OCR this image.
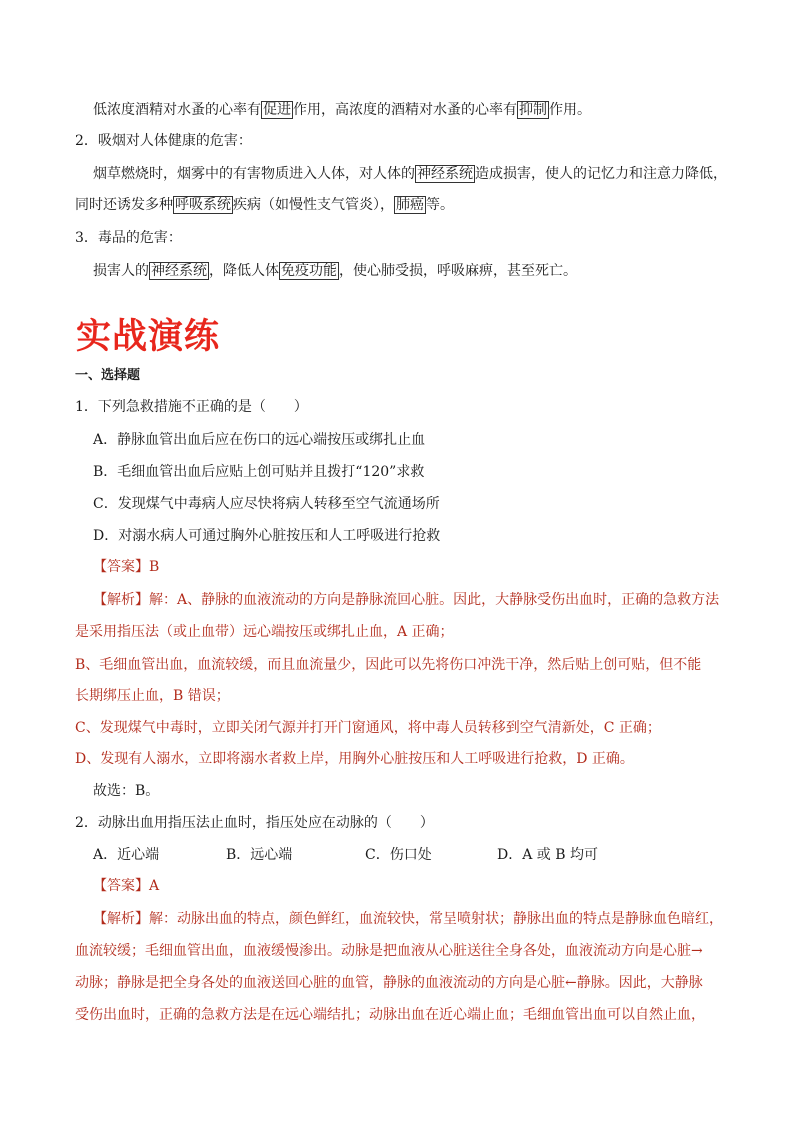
低浓度酒精对水蚤的心率有 促进 作用，高浓度的酒精对水蚤的心率有 抑制 作用。
2．吸烟对人体健康的危害：
烟草燃烧时，烟雾中的有害物质进入人体，对人体的 神经系统 造成损害，使人的记忆力和注意力降低，
同时还诱发多种 呼吸系统 疾病（如慢性支气管炎）， 肺癌 等。
3．毒品的危害：
损害人的 神经系统 ，降低人体 免疫功能 ，使心肺受损，呼吸麻痹，甚至死亡。
实战演练
一、选择题
1．下列急救措施不正确的是（　　）
A．静脉血管出血后应在伤口的远心端按压或绑扎止血
B．毛细血管出血后应贴上创可贴并且拨打“120”求救
C．发现煤气中毒病人应尽快将病人转移至空气流通场所
D．对溺水病人可通过胸外心脏按压和人工呼吸进行抢救
【答案】B
【解析】解：A、静脉的血液流动的方向是静脉流回心脏。因此，大静脉受伤出血时，正确的急救方法
是采用指压法（或止血带）远心端按压或绑扎止血，A 正确；
B、毛细血管出血，血流较缓，而且血流量少，因此可以先将伤口冲洗干净，然后贴上创可贴，但不能
长期绑压止血，B 错误；
C、发现煤气中毒时，立即关闭气源并打开门窗通风，将中毒人员转移到空气清新处，C 正确；
D、发现有人溺水，立即将溺水者救上岸，用胸外心脏按压和人工呼吸进行抢救，D 正确。
故选：B。
2．动脉出血用指压法止血时，指压处应在动脉的（　　）
A．近心端	B．远心端	C．伤口处	D．A 或 B 均可
【答案】A
【解析】解：动脉出血的特点，颜色鲜红，血流较快，常呈喷射状；静脉出血的特点是静脉血色暗红，
血流较缓；毛细血管出血，血液缓慢渗出。动脉是把血液从心脏送往全身各处，血液流动方向是心脏→
动脉；静脉是把全身各处的血液送回心脏的血管，静脉的血液流动的方向是心脏←静脉。因此，大静脉
受伤出血时，正确的急救方法是在远心端结扎；动脉出血在近心端止血；毛细血管出血可以自然止血，
